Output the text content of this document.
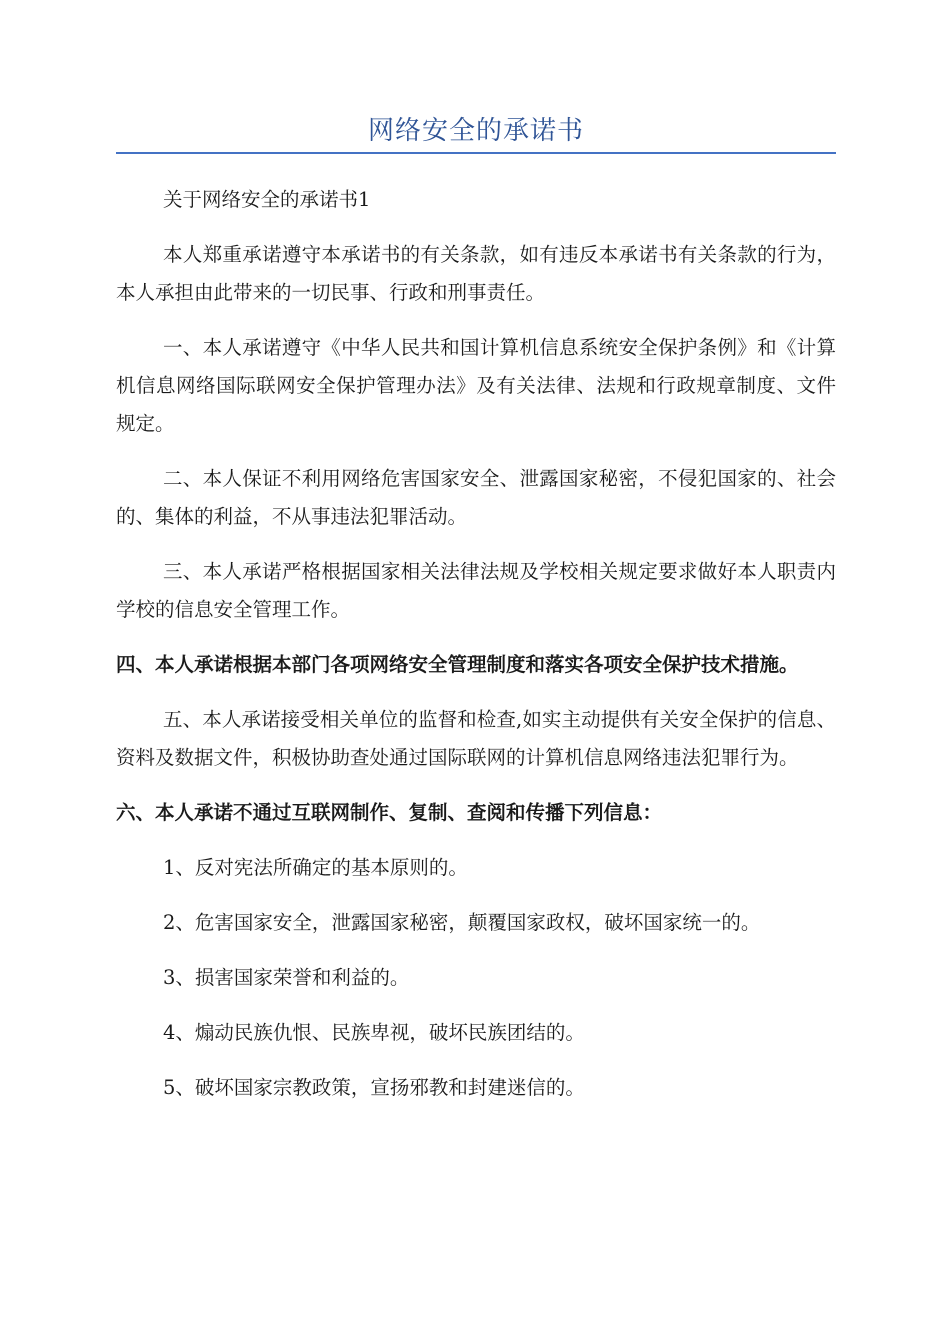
网络安全的承诺书

关于网络安全的承诺书1

本人郑重承诺遵守本承诺书的有关条款，如有违反本承诺书有关条款的行为，本人承担由此带来的一切民事、行政和刑事责任。

一、本人承诺遵守《中华人民共和国计算机信息系统安全保护条例》和《计算机信息网络国际联网安全保护管理办法》及有关法律、法规和行政规章制度、文件规定。

二、本人保证不利用网络危害国家安全、泄露国家秘密，不侵犯国家的、社会的、集体的利益，不从事违法犯罪活动。

三、本人承诺严格根据国家相关法律法规及学校相关规定要求做好本人职责内学校的信息安全管理工作。

四、本人承诺根据本部门各项网络安全管理制度和落实各项安全保护技术措施。

五、本人承诺接受相关单位的监督和检查,如实主动提供有关安全保护的信息、资料及数据文件，积极协助查处通过国际联网的计算机信息网络违法犯罪行为。

六、本人承诺不通过互联网制作、复制、查阅和传播下列信息：

1、反对宪法所确定的基本原则的。

2、危害国家安全，泄露国家秘密，颠覆国家政权，破坏国家统一的。

3、损害国家荣誉和利益的。

4、煽动民族仇恨、民族卑视，破坏民族团结的。

5、破坏国家宗教政策，宣扬邪教和封建迷信的。
